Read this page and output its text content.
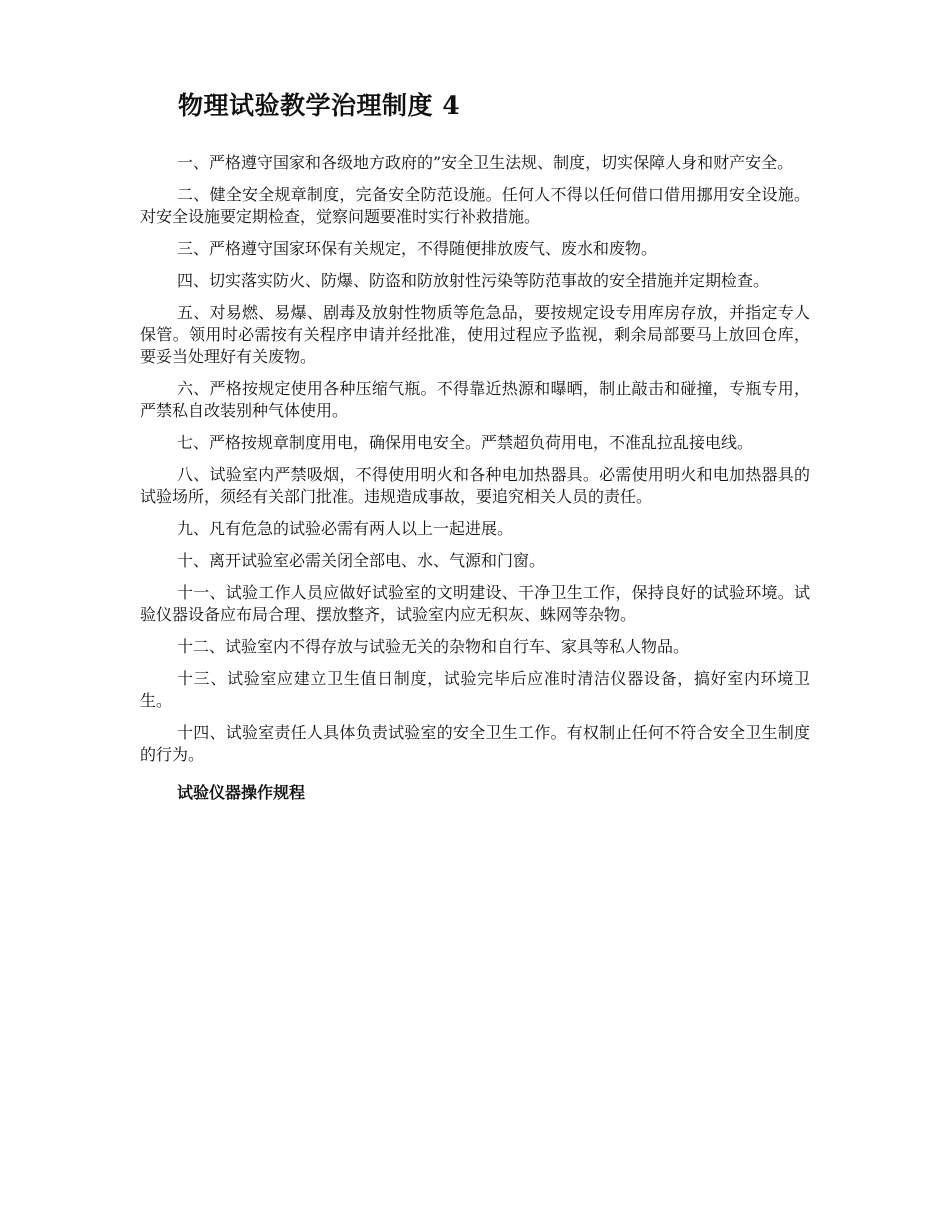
物理试验教学治理制度 4

一、严格遵守国家和各级地方政府的”安全卫生法规、制度，切实保障人身和财产安全。

二、健全安全规章制度，完备安全防范设施。任何人不得以任何借口借用挪用安全设施。对安全设施要定期检查，觉察问题要准时实行补救措施。

三、严格遵守国家环保有关规定，不得随便排放废气、废水和废物。

四、切实落实防火、防爆、防盗和防放射性污染等防范事故的安全措施并定期检查。

五、对易燃、易爆、剧毒及放射性物质等危急品，要按规定设专用库房存放，并指定专人保管。领用时必需按有关程序申请并经批准，使用过程应予监视，剩余局部要马上放回仓库，要妥当处理好有关废物。

六、严格按规定使用各种压缩气瓶。不得靠近热源和曝晒，制止敲击和碰撞，专瓶专用，严禁私自改装别种气体使用。

七、严格按规章制度用电，确保用电安全。严禁超负荷用电，不准乱拉乱接电线。

八、试验室内严禁吸烟，不得使用明火和各种电加热器具。必需使用明火和电加热器具的试验场所，须经有关部门批准。违规造成事故，要追究相关人员的责任。

九、凡有危急的试验必需有两人以上一起进展。

十、离开试验室必需关闭全部电、水、气源和门窗。

十一、试验工作人员应做好试验室的文明建设、干净卫生工作，保持良好的试验环境。试验仪器设备应布局合理、摆放整齐，试验室内应无积灰、蛛网等杂物。

十二、试验室内不得存放与试验无关的杂物和自行车、家具等私人物品。

十三、试验室应建立卫生值日制度，试验完毕后应准时清洁仪器设备，搞好室内环境卫生。

十四、试验室责任人具体负责试验室的安全卫生工作。有权制止任何不符合安全卫生制度的行为。

试验仪器操作规程
